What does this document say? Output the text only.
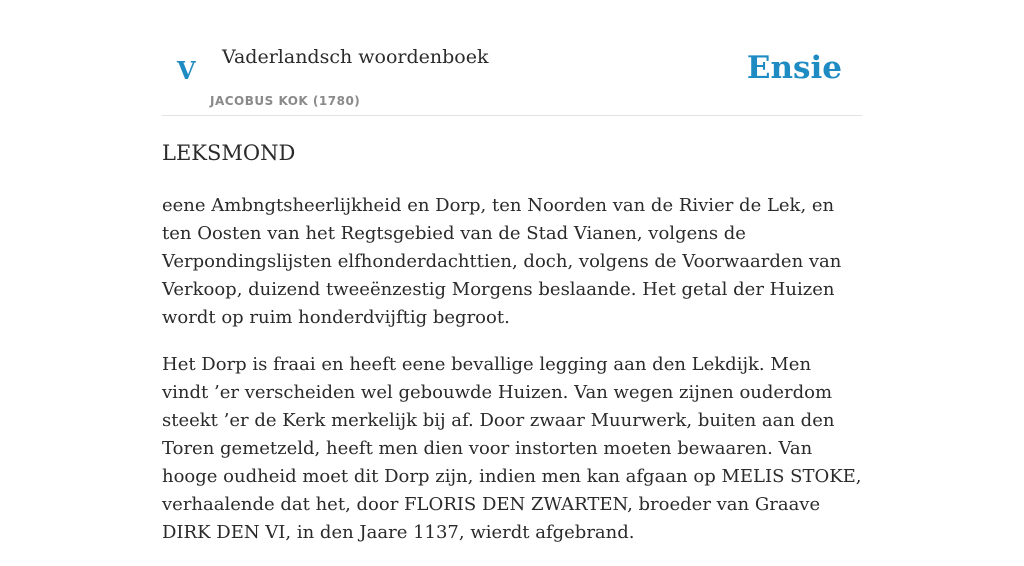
V Vaderlandsch woordenboek
JACOBUS KOK (1780)
Ensie
LEKSMOND

eene Ambngtsheerlijkheid en Dorp, ten Noorden van de Rivier de Lek, en ten Oosten van het Regtsgebied van de Stad Vianen, volgens de Verpondingslijsten elfhonderdachttien, doch, volgens de Voorwaarden van Verkoop, duizend tweeënzestig Morgens beslaande. Het getal der Huizen wordt op ruim honderdvijftig begroot.

Het Dorp is fraai en heeft eene bevallige legging aan den Lekdijk. Men vindt ’er verscheiden wel gebouwde Huizen. Van wegen zijnen ouderdom steekt ’er de Kerk merkelijk bij af. Door zwaar Muurwerk, buiten aan den Toren gemetzeld, heeft men dien voor instorten moeten bewaaren. Van hooge oudheid moet dit Dorp zijn, indien men kan afgaan op MELIS STOKE, verhaalende dat het, door FLORIS DEN ZWARTEN, broeder van Graave DIRK DEN VI, in den Jaare 1137, wierdt afgebrand.
